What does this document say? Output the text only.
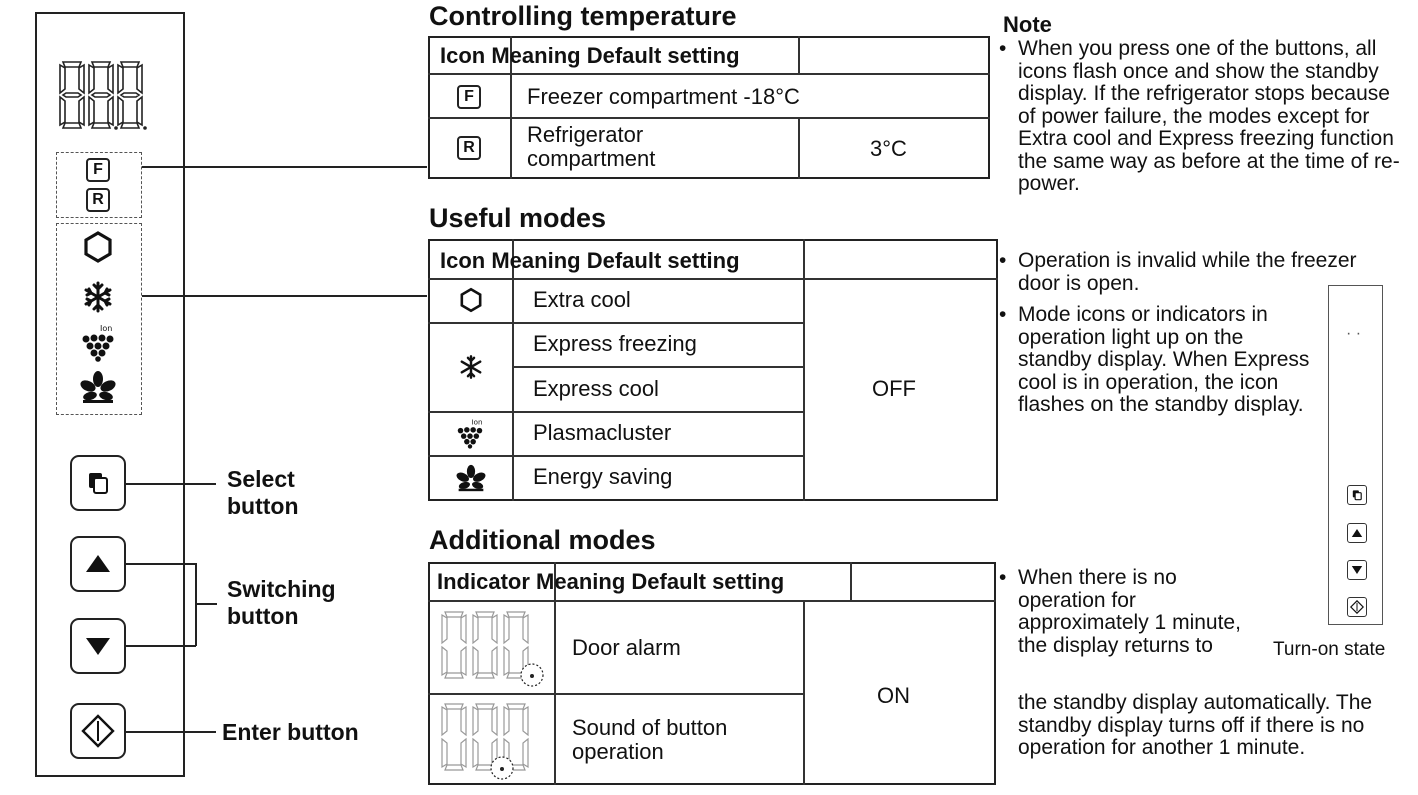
F
R
Ion
Select
button
Switching
button
Enter button
Controlling temperature
Icon Meaning Default setting
F	Freezer compartment -18°C
R
Refrigerator
compartment	3°C
Useful modes
Icon Meaning Default setting
Extra cool
Express freezing
Express cool
Ion Plasmacluster
Energy saving
OFF
Additional modes
Indicator Meaning Default setting
Door alarm
Sound of button
operation
ON
Note
• When you press one of the buttons, all icons flash once and show the standby display. If the refrigerator stops because of power failure, the modes except for Extra cool and Express freezing function the same way as before at the time of re-power.
• Operation is invalid while the freezer door is open.
• Mode icons or indicators in operation light up on the standby display. When Express cool is in operation, the icon flashes on the standby display.
• When there is no operation for approximately 1 minute, the display returns to
the standby display automatically. The standby display turns off if there is no operation for another 1 minute.
· ·
Turn-on state
